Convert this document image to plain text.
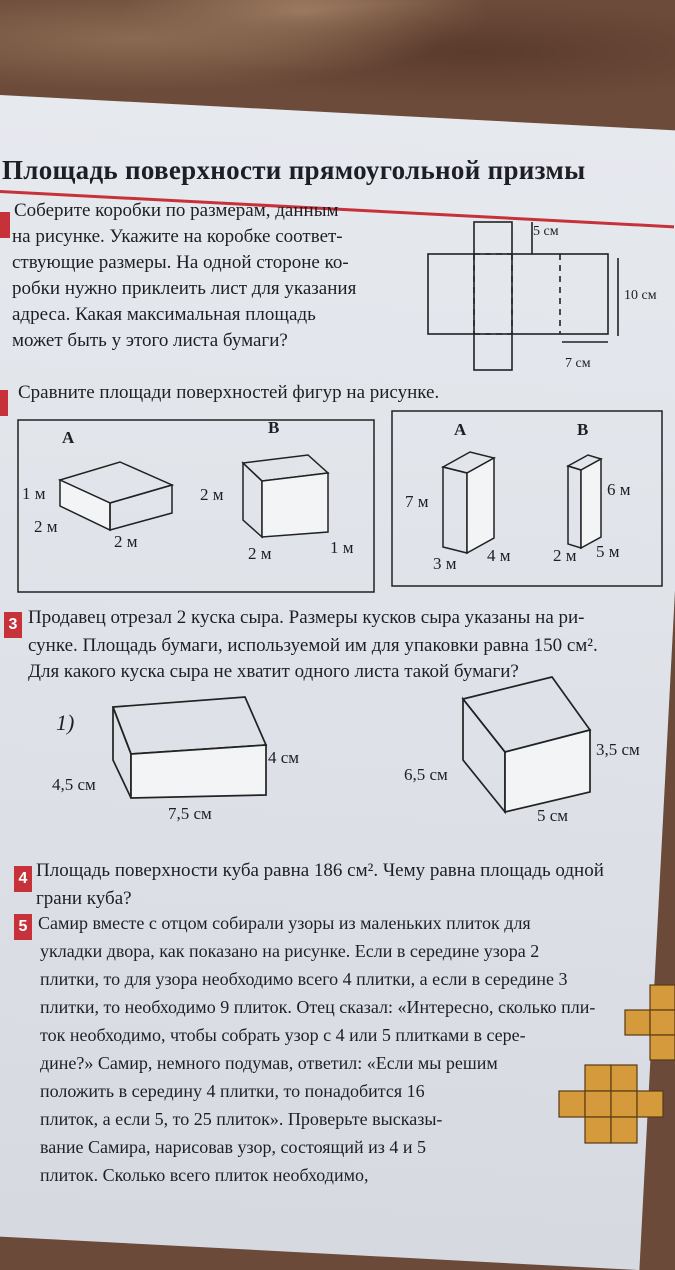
Площадь поверхности прямоугольной призмы
Соберите коробки по размерам, данным
на рисунке. Укажите на коробке соответ-
ствующие размеры. На одной стороне ко-
робки нужно приклеить лист для указания
адреса. Какая максимальная площадь
может быть у этого листа бумаги?
5 см
10 см
7 см
Сравните площади поверхностей фигур на рисунке.
A
B
1 м
2 м
2 м
2 м
2 м	1 м
A	B
7 м
3 м 4 м
6 м
2 м 5 м
3 Продавец отрезал 2 куска сыра. Размеры кусков сыра указаны на ри-
сунке. Площадь бумаги, используемой им для упаковки равна 150 см².
Для какого куска сыра не хватит одного листа такой бумаги?
1)
4,5 см
4 см
7,5 см
6,5 см
3,5 см
5 см
4 Площадь поверхности куба равна 186 см². Чему равна площадь одной
грани куба?
5 Самир вместе с отцом собирали узоры из маленьких плиток для
укладки двора, как показано на рисунке. Если в середине узора 2
плитки, то для узора необходимо всего 4 плитки, а если в середине 3
плитки, то необходимо 9 плиток. Отец сказал: «Интересно, сколько пли-
ток необходимо, чтобы собрать узор с 4 или 5 плитками в сере-
дине?» Самир, немного подумав, ответил: «Если мы решим
положить в середину 4 плитки, то понадобится 16
плиток, а если 5, то 25 плиток». Проверьте высказы-
вание Самира, нарисовав узор, состоящий из 4 и 5
плиток. Сколько всего плиток необходимо,
